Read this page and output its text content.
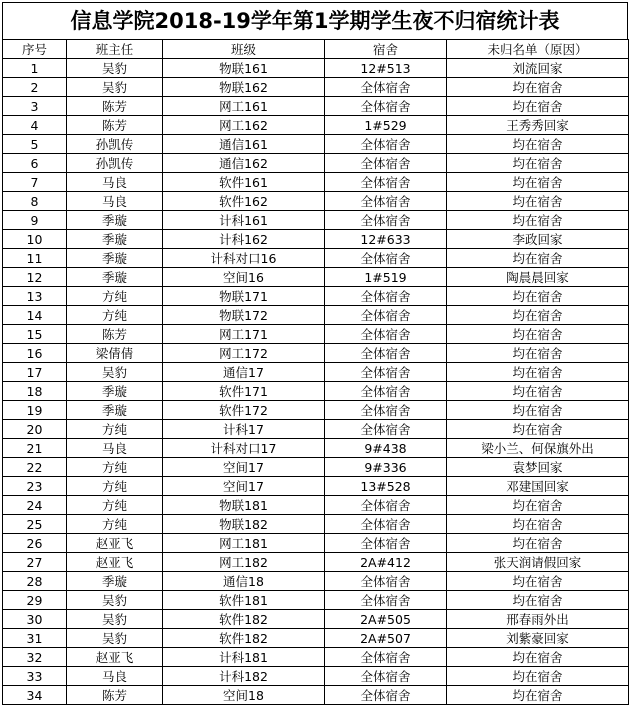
信息学院2018-19学年第1学期学生夜不归宿统计表
序号	班主任	班级	宿舍	未归名单（原因）
1	吴豹	物联161	12#513	刘流回家
2	吴豹	物联162	全体宿舍	均在宿舍
3	陈芳	网工161	全体宿舍	均在宿舍
4	陈芳	网工162	1#529	王秀秀回家
5	孙凯传	通信161	全体宿舍	均在宿舍
6	孙凯传	通信162	全体宿舍	均在宿舍
7	马良	软件161	全体宿舍	均在宿舍
8	马良	软件162	全体宿舍	均在宿舍
9	季璇	计科161	全体宿舍	均在宿舍
10	季璇	计科162	12#633	李政回家
11	季璇	计科对口16	全体宿舍	均在宿舍
12	季璇	空间16	1#519	陶晨晨回家
13	方纯	物联171	全体宿舍	均在宿舍
14	方纯	物联172	全体宿舍	均在宿舍
15	陈芳	网工171	全体宿舍	均在宿舍
16	梁倩倩	网工172	全体宿舍	均在宿舍
17	吴豹	通信17	全体宿舍	均在宿舍
18	季璇	软件171	全体宿舍	均在宿舍
19	季璇	软件172	全体宿舍	均在宿舍
20	方纯	计科17	全体宿舍	均在宿舍
21	马良	计科对口17	9#438	梁小兰、何保旗外出
22	方纯	空间17	9#336	袁梦回家
23	方纯	空间17	13#528	邓建国回家
24	方纯	物联181	全体宿舍	均在宿舍
25	方纯	物联182	全体宿舍	均在宿舍
26	赵亚飞	网工181	全体宿舍	均在宿舍
27	赵亚飞	网工182	2A#412	张天润请假回家
28	季璇	通信18	全体宿舍	均在宿舍
29	吴豹	软件181	全体宿舍	均在宿舍
30	吴豹	软件182	2A#505	邢春雨外出
31	吴豹	软件182	2A#507	刘紫豪回家
32	赵亚飞	计科181	全体宿舍	均在宿舍
33	马良	计科182	全体宿舍	均在宿舍
34	陈芳	空间18	全体宿舍	均在宿舍
